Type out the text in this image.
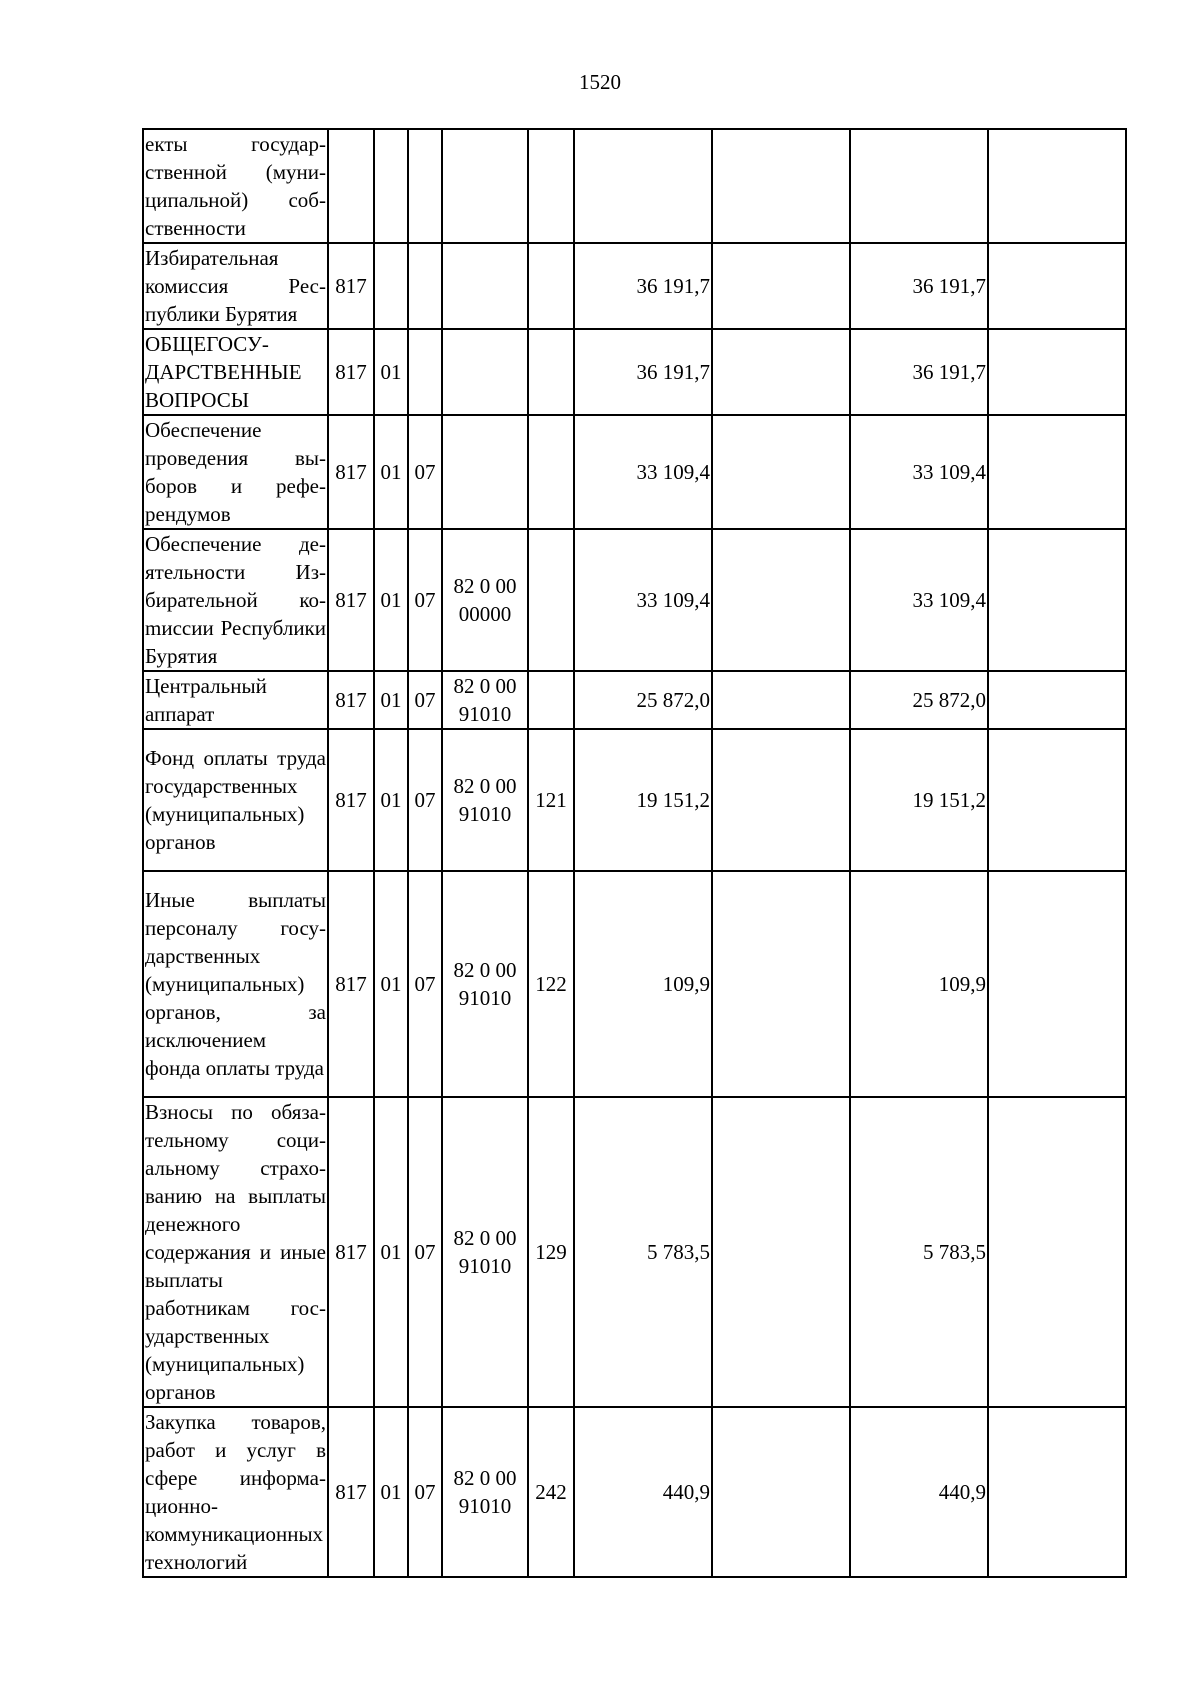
1520
екты государственной (муниципальной) собственности				

Избирательная комиссия Республики Бурятия	817					36 191,7		36 191,7	
ОБЩЕГОСУДАРСТВЕННЫЕ ВОПРОСЫ	817	01				36 191,7		36 191,7	
Обеспечение проведения выборов и референдумов	817	01	07			33 109,4		33 109,4	
Обеспечение деятельности Избирательной коmиссии Республики Бурятия	817	01	07	82 0 00
00000		33 109,4		33 109,4	
Центральный аппарат	817	01	07	82 0 00
91010		25 872,0		25 872,0	
Фонд оплаты труда государственных (муниципальных) органов	817	01	07	82 0 00
91010	121	19 151,2		19 151,2	
Иные выплаты персоналу государственных (муниципальных) органов, за исключением фонда оплаты труда	817	01	07	82 0 00
91010	122	109,9		109,9	
Взносы по обязательному социальному страхованию на выплаты денежного содержания и иные выплаты работникам государственных (муниципальных) органов	817	01	07	82 0 00
91010	129	5 783,5		5 783,5	
Закупка товаров, работ и услуг в сфере информационно-коммуникационных технологий	817	01	07	82 0 00
91010	242	440,9		440,9	
